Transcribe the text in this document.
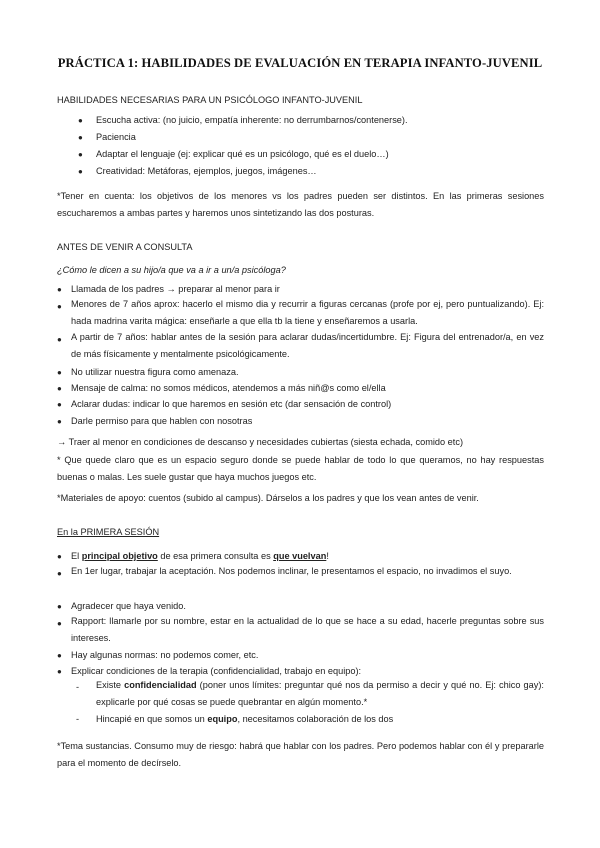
PRÁCTICA 1: HABILIDADES DE EVALUACIÓN EN TERAPIA INFANTO-JUVENIL
HABILIDADES NECESARIAS PARA UN PSICÓLOGO INFANTO-JUVENIL
● Escucha activa: (no juicio, empatía inherente: no derrumbarnos/contenerse).
● Paciencia
● Adaptar el lenguaje (ej: explicar qué es un psicólogo, qué es el duelo…)
● Creatividad: Metáforas, ejemplos, juegos, imágenes…
*Tener en cuenta: los objetivos de los menores vs los padres pueden ser distintos. En las primeras sesiones escucharemos a ambas partes y haremos unos sintetizando las dos posturas.
ANTES DE VENIR A CONSULTA
¿Cómo le dicen a su hijo/a que va a ir a un/a psicóloga?
● Llamada de los padres → preparar al menor para ir
● Menores de 7 años aprox: hacerlo el mismo dia y recurrir a figuras cercanas (profe por ej, pero puntualizando). Ej: hada madrina varita mágica: enseñarle a que ella tb la tiene y enseñaremos a usarla.
● A partir de 7 años: hablar antes de la sesión para aclarar dudas/incertidumbre. Ej: Figura del entrenador/a, en vez de más físicamente y mentalmente psicológicamente.
● No utilizar nuestra figura como amenaza.
● Mensaje de calma: no somos médicos, atendemos a más niñ@s como el/ella
● Aclarar dudas: indicar lo que haremos en sesión etc (dar sensación de control)
● Darle permiso para que hablen con nosotras
→ Traer al menor en condiciones de descanso y necesidades cubiertas (siesta echada, comido etc)
* Que quede claro que es un espacio seguro donde se puede hablar de todo lo que queramos, no hay respuestas buenas o malas. Les suele gustar que haya muchos juegos etc.
*Materiales de apoyo: cuentos (subido al campus). Dárselos a los padres y que los vean antes de venir.
En la PRIMERA SESIÓN
● El principal objetivo de esa primera consulta es que vuelvan!
● En 1er lugar, trabajar la aceptación. Nos podemos inclinar, le presentamos el espacio, no invadimos el suyo.
● Agradecer que haya venido.
● Rapport: llamarle por su nombre, estar en la actualidad de lo que se hace a su edad, hacerle preguntas sobre sus intereses.
● Hay algunas normas: no podemos comer, etc.
● Explicar condiciones de la terapia (confidencialidad, trabajo en equipo):
- Existe confidencialidad (poner unos límites: preguntar qué nos da permiso a decir y qué no. Ej: chico gay): explicarle por qué cosas se puede quebrantar en algún momento.*
- Hincapié en que somos un equipo, necesitamos colaboración de los dos
*Tema sustancias. Consumo muy de riesgo: habrá que hablar con los padres. Pero podemos hablar con él y prepararle para el momento de decírselo.
